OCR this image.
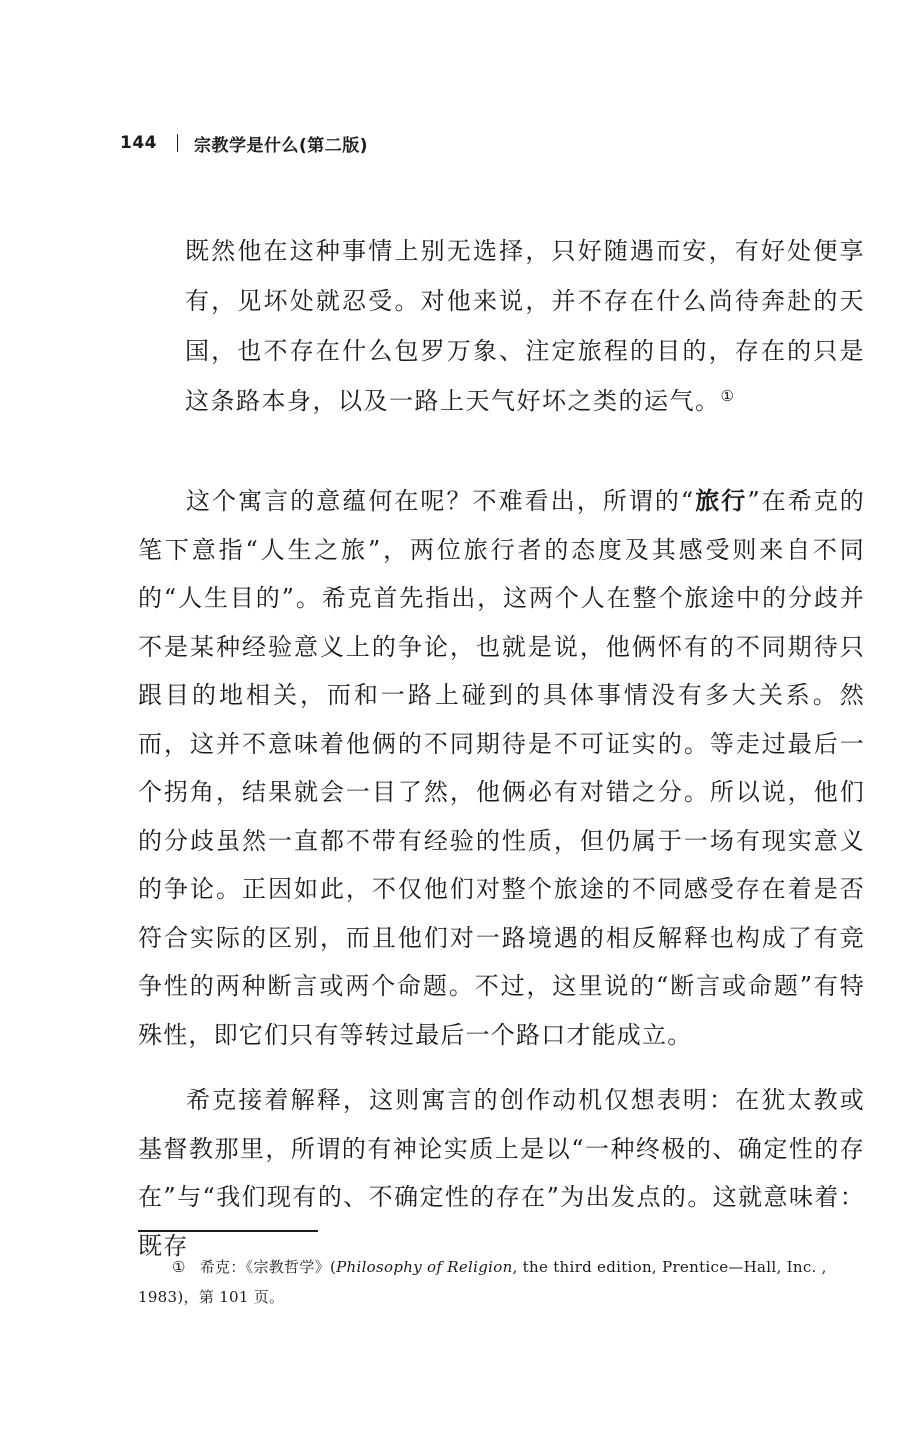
144 宗教学是什么(第二版)
既然他在这种事情上别无选择，只好随遇而安，有好处便享有，见坏处就忍受。对他来说，并不存在什么尚待奔赴的天国，也不存在什么包罗万象、注定旅程的目的，存在的只是这条路本身，以及一路上天气好坏之类的运气。①

这个寓言的意蕴何在呢？不难看出，所谓的“旅行”在希克的笔下意指“人生之旅”，两位旅行者的态度及其感受则来自不同的“人生目的”。希克首先指出，这两个人在整个旅途中的分歧并不是某种经验意义上的争论，也就是说，他俩怀有的不同期待只跟目的地相关，而和一路上碰到的具体事情没有多大关系。然而，这并不意味着他俩的不同期待是不可证实的。等走过最后一个拐角，结果就会一目了然，他俩必有对错之分。所以说，他们的分歧虽然一直都不带有经验的性质，但仍属于一场有现实意义的争论。正因如此，不仅他们对整个旅途的不同感受存在着是否符合实际的区别，而且他们对一路境遇的相反解释也构成了有竞争性的两种断言或两个命题。不过，这里说的“断言或命题”有特殊性，即它们只有等转过最后一个路口才能成立。

希克接着解释，这则寓言的创作动机仅想表明：在犹太教或基督教那里，所谓的有神论实质上是以“一种终极的、确定性的存在”与“我们现有的、不确定性的存在”为出发点的。这就意味着：既存

① 希克：《宗教哲学》(Philosophy of Religion, the third edition, Prentice—Hall, Inc. , 1983)，第 101 页。
